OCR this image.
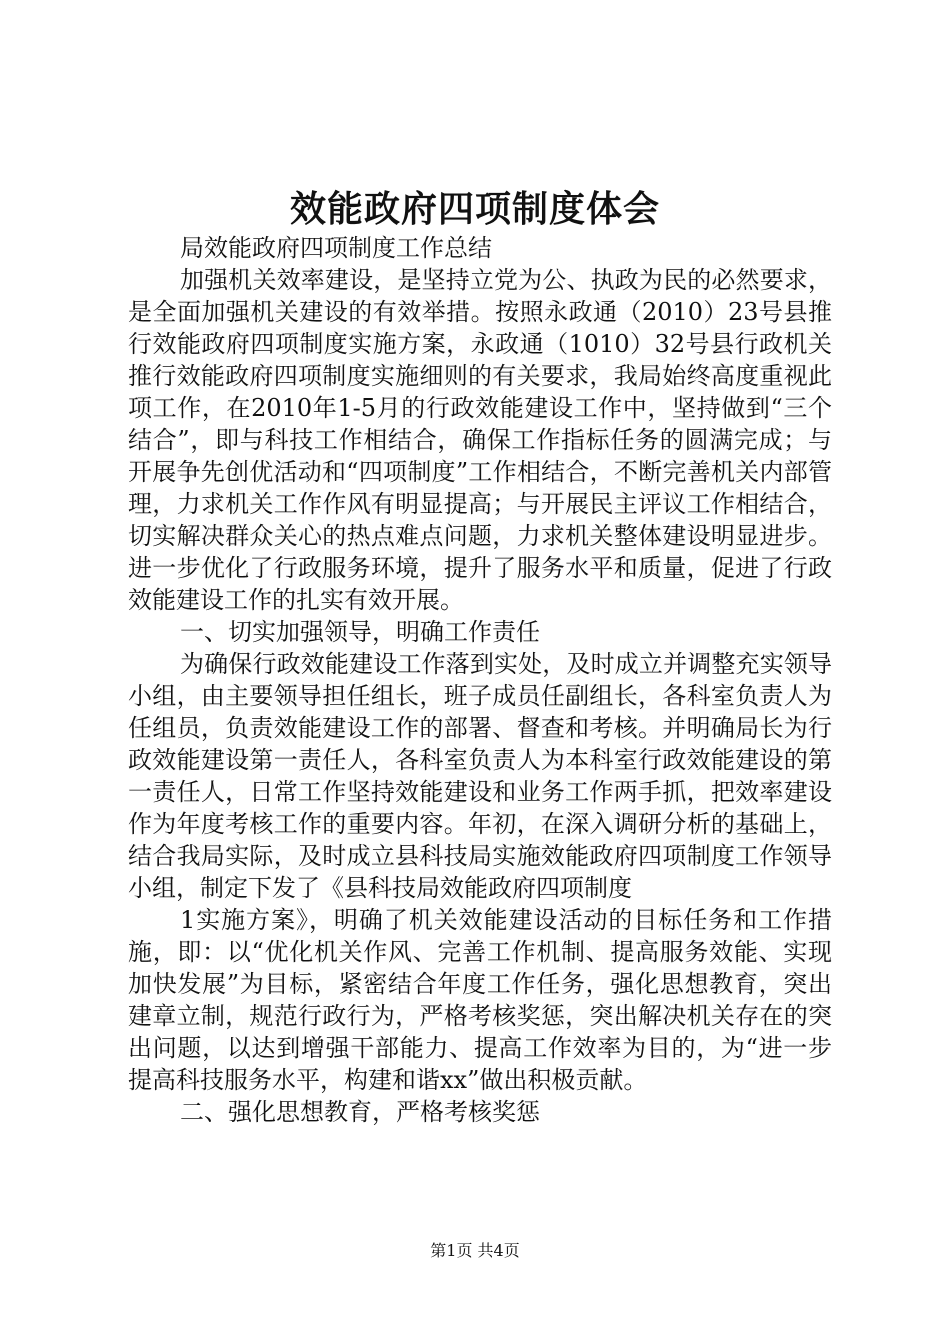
效能政府四项制度体会

局效能政府四项制度工作总结

加强机关效率建设，是坚持立党为公、执政为民的必然要求，是全面加强机关建设的有效举措。按照永政通（2010）23号县推行效能政府四项制度实施方案，永政通（1010）32号县行政机关推行效能政府四项制度实施细则的有关要求，我局始终高度重视此项工作，在2010年1-5月的行政效能建设工作中，坚持做到“三个结合”，即与科技工作相结合，确保工作指标任务的圆满完成；与开展争先创优活动和“四项制度”工作相结合，不断完善机关内部管理，力求机关工作作风有明显提高；与开展民主评议工作相结合，切实解决群众关心的热点难点问题，力求机关整体建设明显进步。进一步优化了行政服务环境，提升了服务水平和质量，促进了行政效能建设工作的扎实有效开展。

一、切实加强领导，明确工作责任

为确保行政效能建设工作落到实处，及时成立并调整充实领导小组，由主要领导担任组长，班子成员任副组长，各科室负责人为任组员，负责效能建设工作的部署、督查和考核。并明确局长为行政效能建设第一责任人，各科室负责人为本科室行政效能建设的第一责任人，日常工作坚持效能建设和业务工作两手抓，把效率建设作为年度考核工作的重要内容。年初，在深入调研分析的基础上，结合我局实际，及时成立县科技局实施效能政府四项制度工作领导小组，制定下发了《县科技局效能政府四项制度

1实施方案》，明确了机关效能建设活动的目标任务和工作措施，即：以“优化机关作风、完善工作机制、提高服务效能、实现加快发展”为目标，紧密结合年度工作任务，强化思想教育，突出建章立制，规范行政行为，严格考核奖惩，突出解决机关存在的突出问题，以达到增强干部能力、提高工作效率为目的，为“进一步提高科技服务水平，构建和谐xx”做出积极贡献。

二、强化思想教育，严格考核奖惩

第1页 共4页
